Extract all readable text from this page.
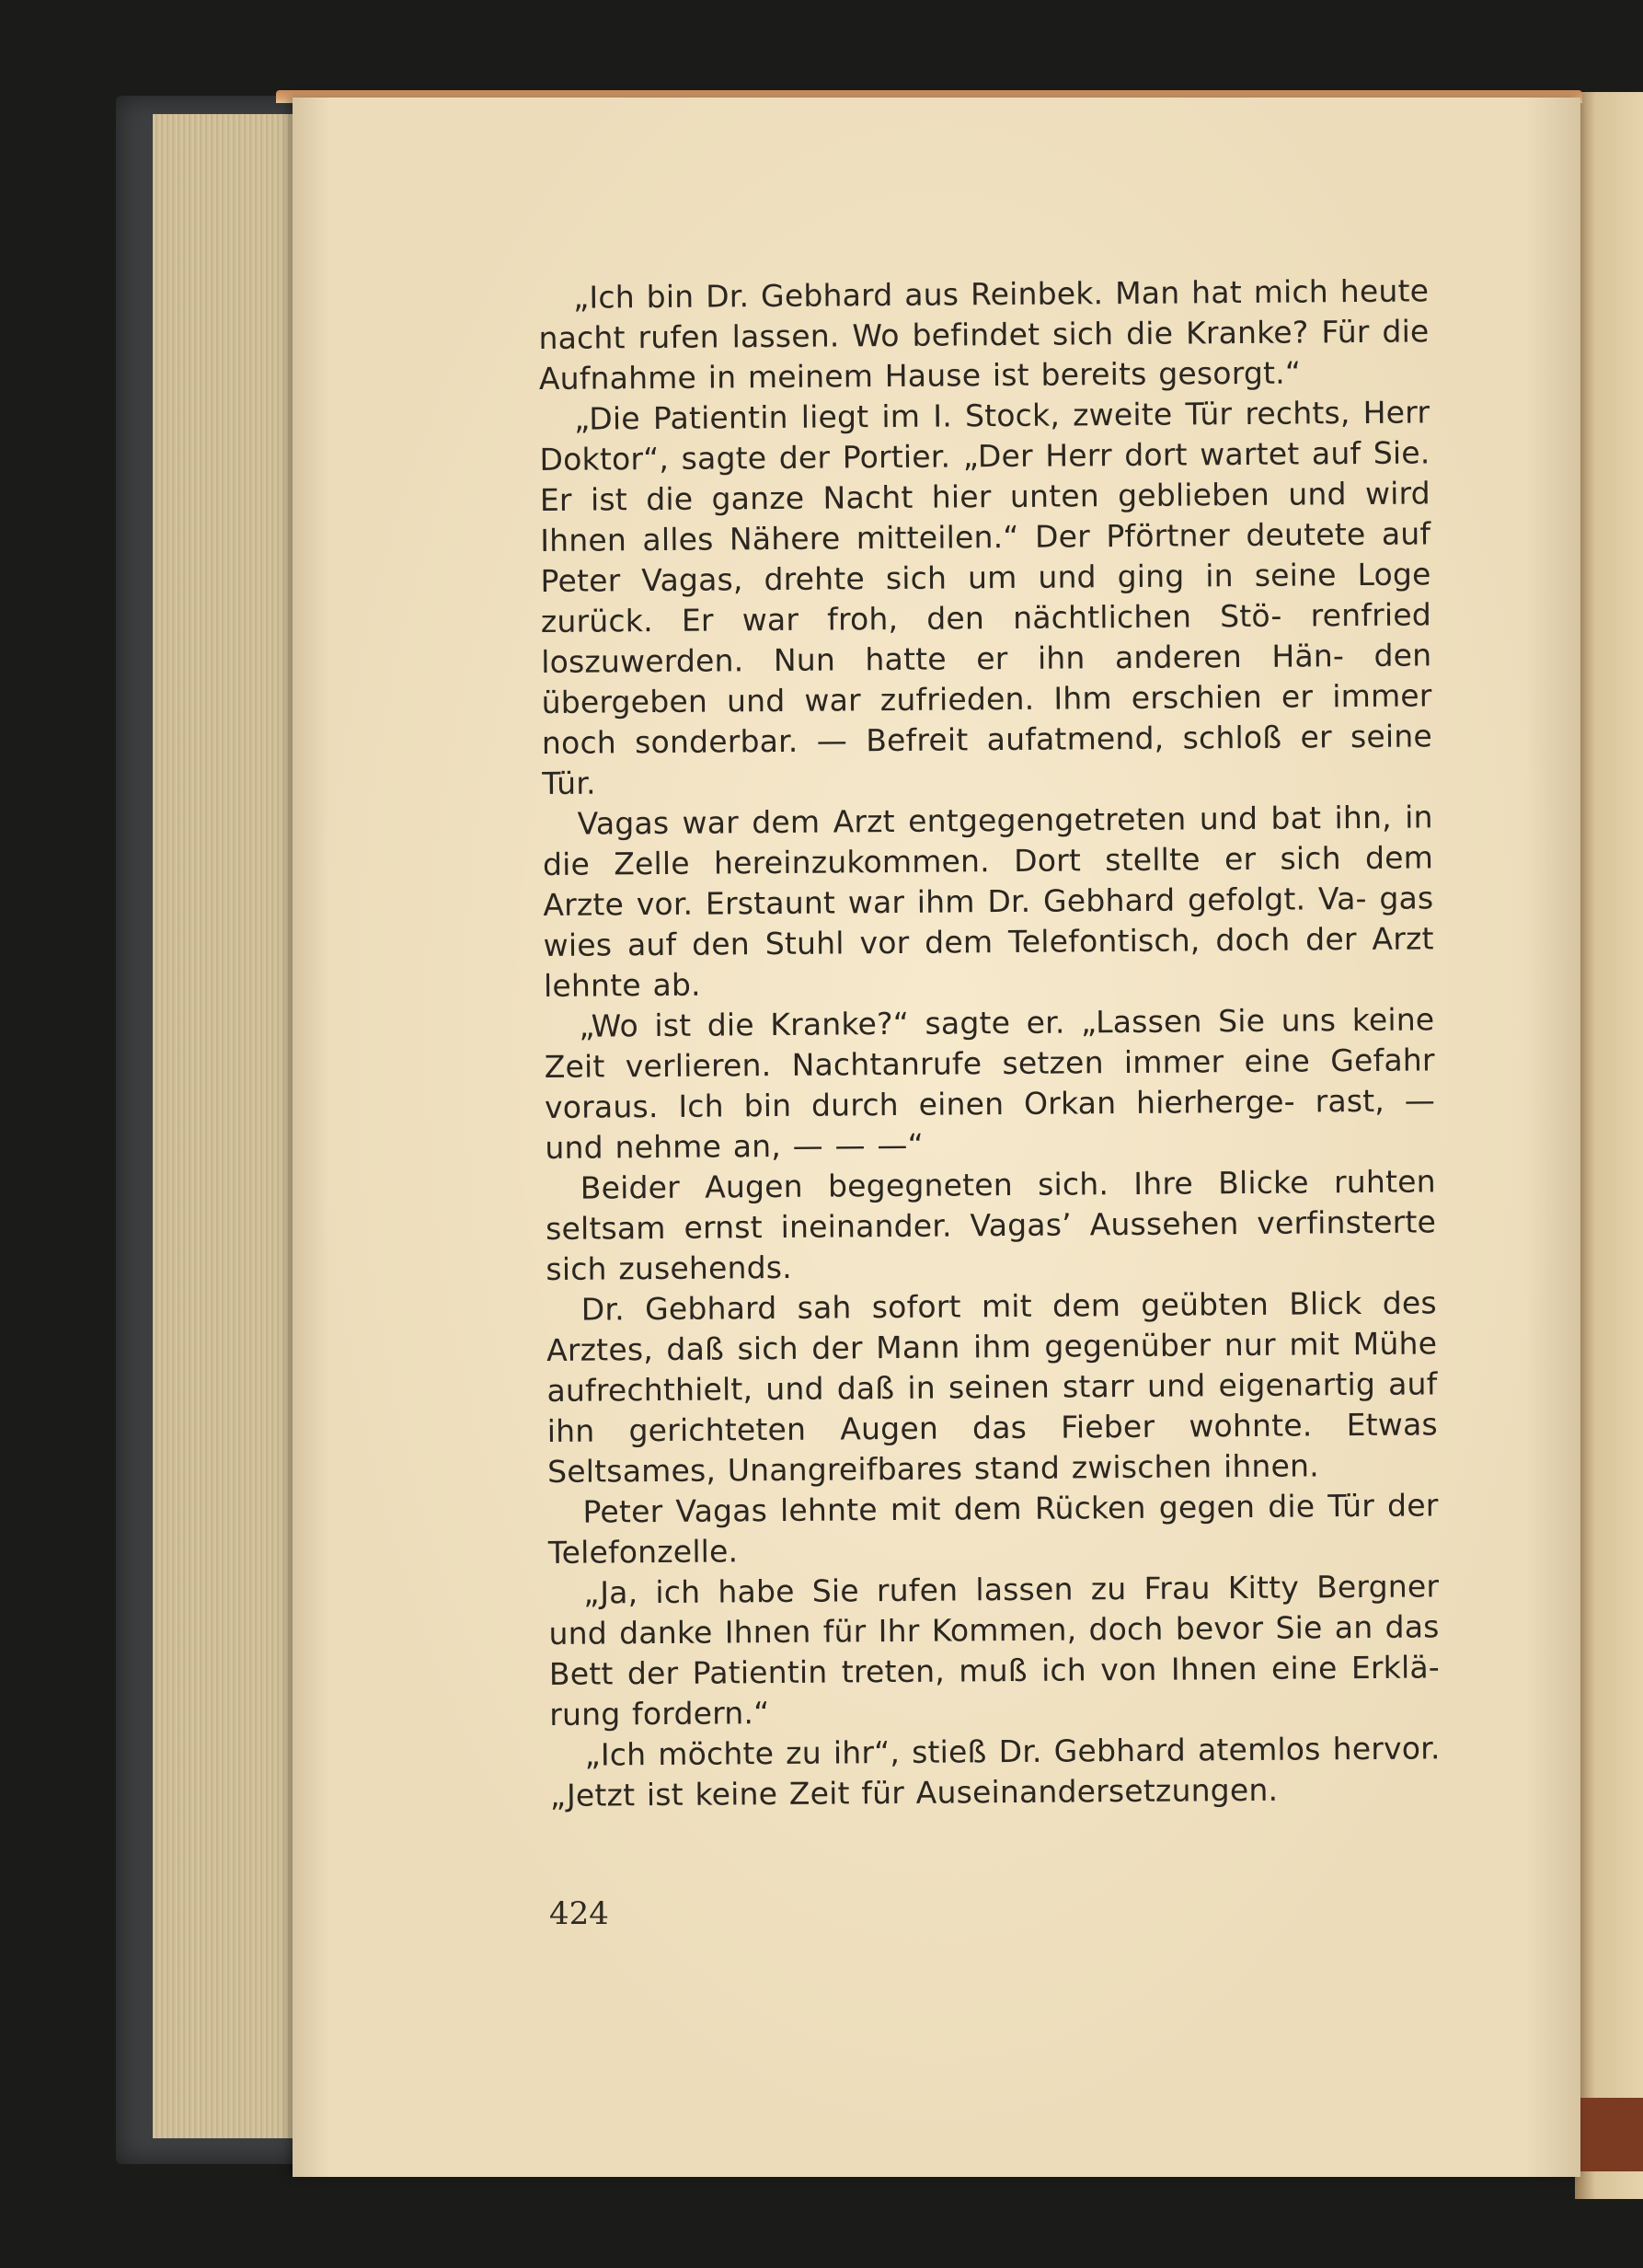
„Ich bin Dr. Gebhard aus Reinbek. Man hat mich heute nacht rufen lassen. Wo befindet sich die Kranke? Für die Aufnahme in meinem Hause ist bereits gesorgt.“

„Die Patientin liegt im I. Stock, zweite Tür rechts, Herr Doktor“, sagte der Portier. „Der Herr dort wartet auf Sie. Er ist die ganze Nacht hier unten geblieben und wird Ihnen alles Nähere mitteilen.“ Der Pförtner deutete auf Peter Vagas, drehte sich um und ging in seine Loge zurück. Er war froh, den nächtlichen Stö- renfried loszuwerden. Nun hatte er ihn anderen Hän- den übergeben und war zufrieden. Ihm erschien er immer noch sonderbar. — Befreit aufatmend, schloß er seine Tür.

Vagas war dem Arzt entgegengetreten und bat ihn, in die Zelle hereinzukommen. Dort stellte er sich dem Arzte vor. Erstaunt war ihm Dr. Gebhard gefolgt. Va- gas wies auf den Stuhl vor dem Telefontisch, doch der Arzt lehnte ab.

„Wo ist die Kranke?“ sagte er. „Lassen Sie uns keine Zeit verlieren. Nachtanrufe setzen immer eine Gefahr voraus. Ich bin durch einen Orkan hierherge- rast, — und nehme an, — — —“

Beider Augen begegneten sich. Ihre Blicke ruhten seltsam ernst ineinander. Vagas’ Aussehen verfinsterte sich zusehends.

Dr. Gebhard sah sofort mit dem geübten Blick des Arztes, daß sich der Mann ihm gegenüber nur mit Mühe aufrechthielt, und daß in seinen starr und eigenartig auf ihn gerichteten Augen das Fieber wohnte. Etwas Seltsames, Unangreifbares stand zwischen ihnen.

Peter Vagas lehnte mit dem Rücken gegen die Tür der Telefonzelle.

„Ja, ich habe Sie rufen lassen zu Frau Kitty Bergner und danke Ihnen für Ihr Kommen, doch bevor Sie an das Bett der Patientin treten, muß ich von Ihnen eine Erklä- rung fordern.“

„Ich möchte zu ihr“, stieß Dr. Gebhard atemlos hervor. „Jetzt ist keine Zeit für Auseinandersetzungen.

424
